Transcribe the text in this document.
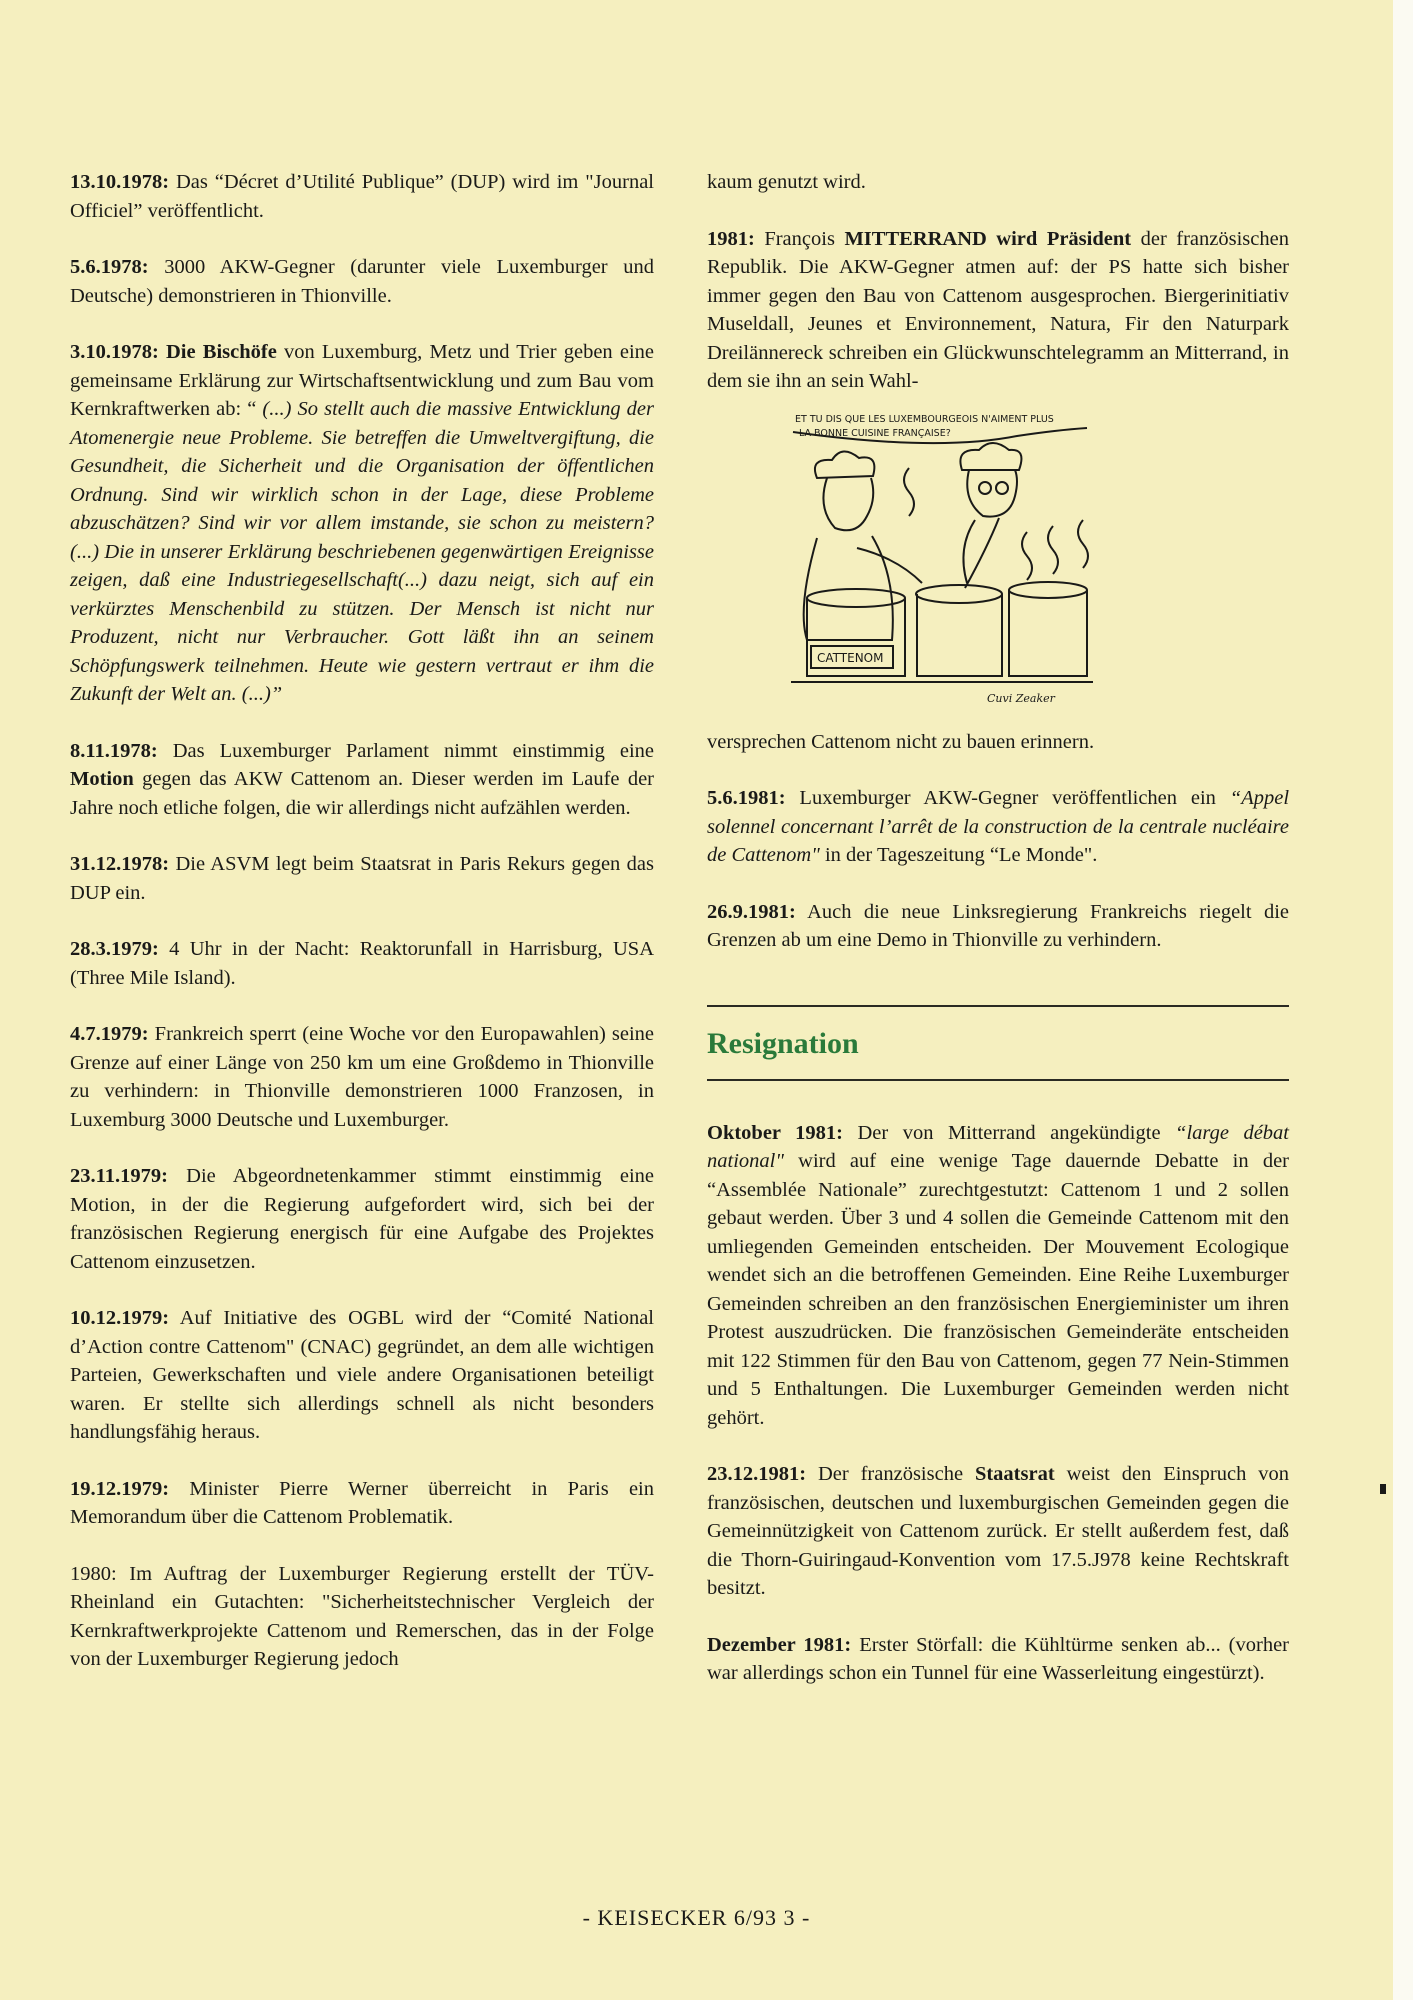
13.10.1978: Das “Décret d’Utilité Publique” (DUP) wird im "Journal Officiel” veröffentlicht.

5.6.1978: 3000 AKW-Gegner (darunter viele Luxemburger und Deutsche) demonstrieren in Thionville.

3.10.1978: Die Bischöfe von Luxemburg, Metz und Trier geben eine gemeinsame Erklärung zur Wirtschaftsentwicklung und zum Bau vom Kernkraftwerken ab: “ (...) So stellt auch die massive Entwicklung der Atomenergie neue Probleme. Sie betreffen die Umweltvergiftung, die Gesundheit, die Sicherheit und die Organisation der öffentlichen Ordnung. Sind wir wirklich schon in der Lage, diese Probleme abzuschätzen? Sind wir vor allem imstande, sie schon zu meistern? (...) Die in unserer Erklärung beschriebenen gegenwärtigen Ereignisse zeigen, daß eine Industriegesellschaft(...) dazu neigt, sich auf ein verkürztes Menschenbild zu stützen. Der Mensch ist nicht nur Produzent, nicht nur Verbraucher. Gott läßt ihn an seinem Schöpfungswerk teilnehmen. Heute wie gestern vertraut er ihm die Zukunft der Welt an. (...)”

8.11.1978: Das Luxemburger Parlament nimmt einstimmig eine Motion gegen das AKW Cattenom an. Dieser werden im Laufe der Jahre noch etliche folgen, die wir allerdings nicht aufzählen werden.

31.12.1978: Die ASVM legt beim Staatsrat in Paris Rekurs gegen das DUP ein.

28.3.1979: 4 Uhr in der Nacht: Reaktorunfall in Harrisburg, USA (Three Mile Island).

4.7.1979: Frankreich sperrt (eine Woche vor den Europawahlen) seine Grenze auf einer Länge von 250 km um eine Großdemo in Thionville zu verhindern: in Thionville demonstrieren 1000 Franzosen, in Luxemburg 3000 Deutsche und Luxemburger.

23.11.1979: Die Abgeordnetenkammer stimmt einstimmig eine Motion, in der die Regierung aufgefordert wird, sich bei der französischen Regierung energisch für eine Aufgabe des Projektes Cattenom einzusetzen.

10.12.1979: Auf Initiative des OGBL wird der “Comité National d’Action contre Cattenom" (CNAC) gegründet, an dem alle wichtigen Parteien, Gewerkschaften und viele andere Organisationen beteiligt waren. Er stellte sich allerdings schnell als nicht besonders handlungsfähig heraus.

19.12.1979: Minister Pierre Werner überreicht in Paris ein Memorandum über die Cattenom Problematik.

1980: Im Auftrag der Luxemburger Regierung erstellt der TÜV-Rheinland ein Gutachten: "Sicherheitstechnischer Vergleich der Kernkraftwerkprojekte Cattenom und Remerschen, das in der Folge von der Luxemburger Regierung jedoch

kaum genutzt wird.

1981: François MITTERRAND wird Präsident der französischen Republik. Die AKW-Gegner atmen auf: der PS hatte sich bisher immer gegen den Bau von Cattenom ausgesprochen. Biergerinitiativ Museldall, Jeunes et Environnement, Natura, Fir den Naturpark Dreilännereck schreiben ein Glückwunschtelegramm an Mitterrand, in dem sie ihn an sein Wahl-

ET TU DIS QUE LES LUXEMBOURGEOIS N'AIMENT PLUS
LA BONNE CUISINE FRANÇAISE?
CATTENOM
Cuvi Zeaker

versprechen Cattenom nicht zu bauen erinnern.

5.6.1981: Luxemburger AKW-Gegner veröffentlichen ein “Appel solennel concernant l’arrêt de la construction de la centrale nucléaire de Cattenom" in der Tageszeitung “Le Monde".

26.9.1981: Auch die neue Linksregierung Frankreichs riegelt die Grenzen ab um eine Demo in Thionville zu verhindern.

Resignation

Oktober 1981: Der von Mitterrand angekündigte “large débat national" wird auf eine wenige Tage dauernde Debatte in der “Assemblée Nationale” zurechtgestutzt: Cattenom 1 und 2 sollen gebaut werden. Über 3 und 4 sollen die Gemeinde Cattenom mit den umliegenden Gemeinden entscheiden. Der Mouvement Ecologique wendet sich an die betroffenen Gemeinden. Eine Reihe Luxemburger Gemeinden schreiben an den französischen Energieminister um ihren Protest auszudrücken. Die französischen Gemeinderäte entscheiden mit 122 Stimmen für den Bau von Cattenom, gegen 77 Nein-Stimmen und 5 Enthaltungen. Die Luxemburger Gemeinden werden nicht gehört.

23.12.1981: Der französische Staatsrat weist den Einspruch von französischen, deutschen und luxemburgischen Gemeinden gegen die Gemeinnützigkeit von Cattenom zurück. Er stellt außerdem fest, daß die Thorn-Guiringaud-Konvention vom 17.5.J978 keine Rechtskraft besitzt.

Dezember 1981: Erster Störfall: die Kühltürme senken ab... (vorher war allerdings schon ein Tunnel für eine Wasserleitung eingestürzt).

- KEISECKER 6/93 3 -
